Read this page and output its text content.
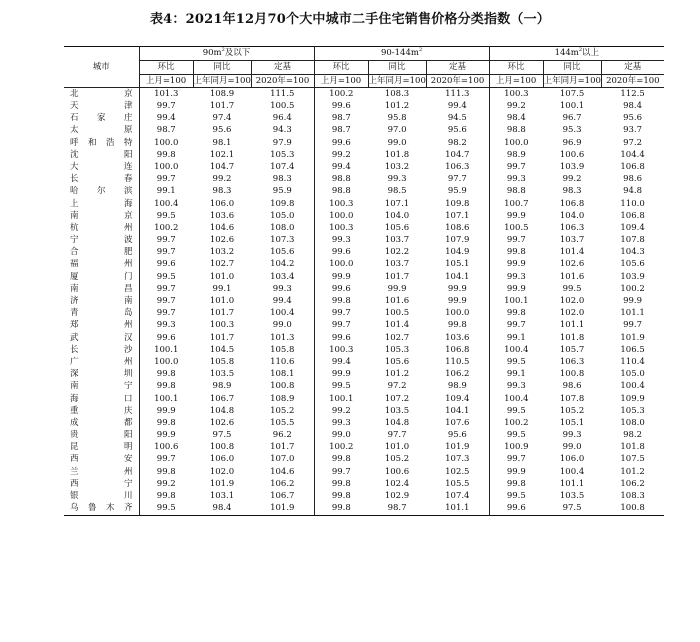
表4：2021年12月70个大中城市二手住宅销售价格分类指数（一）
城市	$90m^2$及以下			$90-144m^2$			$144m^2$以上		
	环比	同比	定基	环比	同比	定基	环比	同比	定基
	上月=100	上年同月=100	2020年=100	上月=100	上年同月=100	2020年=100	上月=100	上年同月=100	2020年=100
北京	101.3	108.9	111.5	100.2	108.3	111.3	100.3	107.5	112.5
天津	99.7	101.7	100.5	99.6	101.2	99.4	99.2	100.1	98.4
石家庄	99.4	97.4	96.4	98.7	95.8	94.5	98.4	96.7	95.6
太原	98.7	95.6	94.3	98.7	97.0	95.6	98.8	95.3	93.7
呼和浩特	100.0	98.1	97.9	99.6	99.0	98.2	100.0	96.9	97.2
沈阳	99.8	102.1	105.3	99.2	101.8	104.7	98.9	100.6	104.4
大连	100.0	104.7	107.4	99.4	103.2	106.3	99.7	103.9	106.8
长春	99.7	99.2	98.3	98.8	99.3	97.7	99.3	99.2	98.6
哈尔滨	99.1	98.3	95.9	98.8	98.5	95.9	98.8	98.3	94.8
上海	100.4	106.0	109.8	100.3	107.1	109.8	100.7	106.8	110.0
南京	99.5	103.6	105.0	100.0	104.0	107.1	99.9	104.0	106.8
杭州	100.2	104.6	108.0	100.3	105.6	108.6	100.5	106.3	109.4
宁波	99.7	102.6	107.3	99.3	103.7	107.9	99.7	103.7	107.8
合肥	99.7	103.2	105.6	99.6	102.2	104.9	99.8	101.4	104.3
福州	99.6	102.7	104.2	100.0	103.7	105.1	99.9	102.6	105.6
厦门	99.5	101.0	103.4	99.9	101.7	104.1	99.3	101.6	103.9
南昌	99.7	99.1	99.3	99.6	99.9	99.9	99.9	99.5	100.2
济南	99.7	101.0	99.4	99.8	101.6	99.9	100.1	102.0	99.9
青岛	99.7	101.7	100.4	99.7	100.5	100.0	99.8	102.0	101.1
郑州	99.3	100.3	99.0	99.7	101.4	99.8	99.7	101.1	99.7
武汉	99.6	101.7	101.3	99.6	102.7	103.6	99.1	101.8	101.9
长沙	100.1	104.5	105.8	100.3	105.3	106.8	100.4	105.7	106.5
广州	100.0	105.8	110.6	99.4	105.6	110.5	99.5	106.3	110.4
深圳	99.8	103.5	108.1	99.9	101.2	106.2	99.1	100.8	105.0
南宁	99.8	98.9	100.8	99.5	97.2	98.9	99.3	98.6	100.4
海口	100.1	106.7	108.9	100.1	107.2	109.4	100.4	107.8	109.9
重庆	99.9	104.8	105.2	99.2	103.5	104.1	99.5	105.2	105.3
成都	99.8	102.6	105.5	99.3	104.8	107.6	100.2	105.1	108.0
贵阳	99.9	97.5	96.2	99.0	97.7	95.6	99.5	99.3	98.2
昆明	100.6	100.8	101.7	100.2	101.0	101.9	100.9	99.0	101.8
西安	99.7	106.0	107.0	99.8	105.2	107.3	99.7	106.0	107.5
兰州	99.8	102.0	104.6	99.7	100.6	102.5	99.9	100.4	101.2
西宁	99.2	101.9	106.2	99.8	102.4	105.5	99.8	101.1	106.2
银川	99.8	103.1	106.7	99.8	102.9	107.4	99.5	103.5	108.3
乌鲁木齐	99.5	98.4	101.9	99.8	98.7	101.1	99.6	97.5	100.8
